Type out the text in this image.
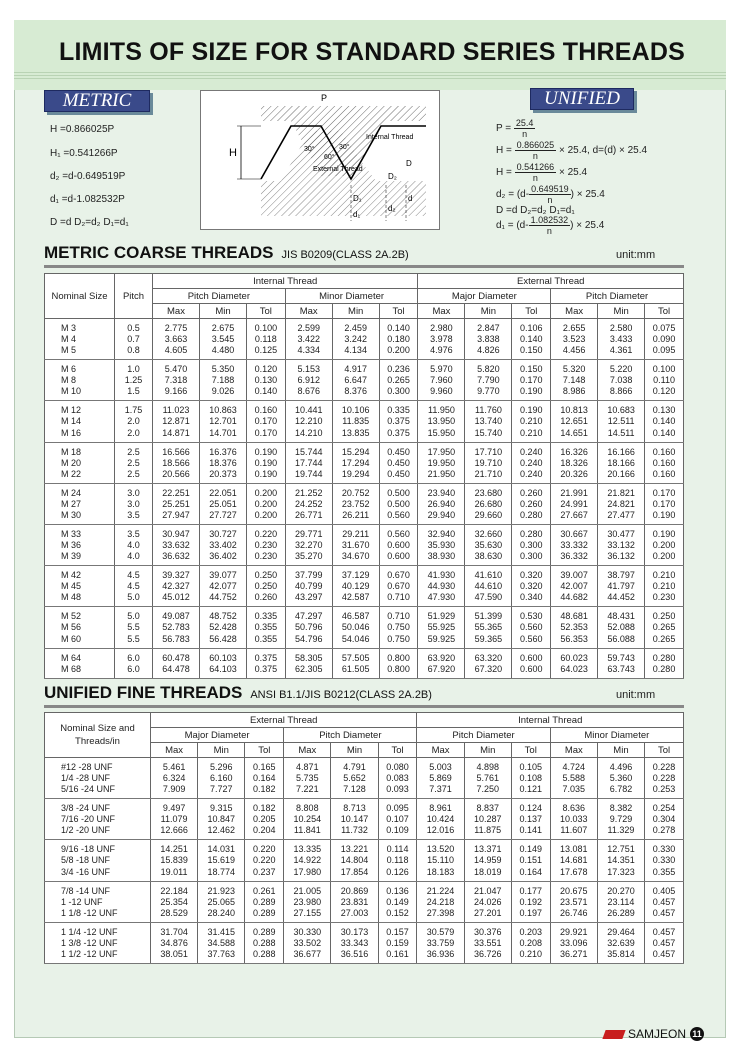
LIMITS OF SIZE FOR STANDARD SERIES THREADS
METRIC	UNIFIED
H =0.866025P
H₁ =0.541266P
d₂ =d-0.649519P
d₁ =d-1.082532P
D =d D₂=d₂ D₁=d₁
$P = \frac{25.4}{n}$
$H = \frac{0.866025}{n} \times 25.4$, d=(d) × 25.4
$H = \frac{0.541266}{n} \times 25.4$
$d_2 = (d- \frac{0.649519}{n}$ ) × 25.4
D =d D₂=d₂ D₁=d₁
$d_1 = (d- \frac{1.082532}{n}$ ) × 25.4
H
P
Internal Thread
External Thread
30°	30°
60°
D
D₂
D₁	d
d₂
d₁
METRIC COARSE THREADS JIS B0209(CLASS 2A.2B)	unit:mm
Nominal Size	Pitch	Internal Thread						External Thread					
		Pitch Diameter			Minor Diameter			Major Diameter			Pitch Diameter		
		Max	Min	Tol	Max	Min	Tol	Max	Min	Tol	Max	Min	Tol
M 3	0.5	2.775	2.675	0.100	2.599	2.459	0.140	2.980	2.847	0.106	2.655	2.580	0.075
M 4	0.7	3.663	3.545	0.118	3.422	3.242	0.180	3.978	3.838	0.140	3.523	3.433	0.090
M 5	0.8	4.605	4.480	0.125	4.334	4.134	0.200	4.976	4.826	0.150	4.456	4.361	0.095
M 6	1.0	5.470	5.350	0.120	5.153	4.917	0.236	5.970	5.820	0.150	5.320	5.220	0.100
M 8	1.25	7.318	7.188	0.130	6.912	6.647	0.265	7.960	7.790	0.170	7.148	7.038	0.110
M 10	1.5	9.166	9.026	0.140	8.676	8.376	0.300	9.960	9.770	0.190	8.986	8.866	0.120
M 12	1.75	11.023	10.863	0.160	10.441	10.106	0.335	11.950	11.760	0.190	10.813	10.683	0.130
M 14	2.0	12.871	12.701	0.170	12.210	11.835	0.375	13.950	13.740	0.210	12.651	12.511	0.140
M 16	2.0	14.871	14.701	0.170	14.210	13.835	0.375	15.950	15.740	0.210	14.651	14.511	0.140
M 18	2.5	16.566	16.376	0.190	15.744	15.294	0.450	17.950	17.710	0.240	16.326	16.166	0.160
M 20	2.5	18.566	18.376	0.190	17.744	17.294	0.450	19.950	19.710	0.240	18.326	18.166	0.160
M 22	2.5	20.566	20.373	0.190	19.744	19.294	0.450	21.950	21.710	0.240	20.326	20.166	0.160
M 24	3.0	22.251	22.051	0.200	21.252	20.752	0.500	23.940	23.680	0.260	21.991	21.821	0.170
M 27	3.0	25.251	25.051	0.200	24.252	23.752	0.500	26.940	26.680	0.260	24.991	24.821	0.170
M 30	3.5	27.947	27.727	0.200	26.771	26.211	0.560	29.940	29.660	0.280	27.667	27.477	0.190
M 33	3.5	30.947	30.727	0.220	29.771	29.211	0.560	32.940	32.660	0.280	30.667	30.477	0.190
M 36	4.0	33.632	33.402	0.230	32.270	31.670	0.600	35.930	35.630	0.300	33.332	33.132	0.200
M 39	4.0	36.632	36.402	0.230	35.270	34.670	0.600	38.930	38.630	0.300	36.332	36.132	0.200
M 42	4.5	39.327	39.077	0.250	37.799	37.129	0.670	41.930	41.610	0.320	39.007	38.797	0.210
M 45	4.5	42.327	42.077	0.250	40.799	40.129	0.670	44.930	44.610	0.320	42.007	41.797	0.210
M 48	5.0	45.012	44.752	0.260	43.297	42.587	0.710	47.930	47.590	0.340	44.682	44.452	0.230
M 52	5.0	49.087	48.752	0.335	47.297	46.587	0.710	51.929	51.399	0.530	48.681	48.431	0.250
M 56	5.5	52.783	52.428	0.355	50.796	50.046	0.750	55.925	55.365	0.560	52.353	52.088	0.265
M 60	5.5	56.783	56.428	0.355	54.796	54.046	0.750	59.925	59.365	0.560	56.353	56.088	0.265
M 64	6.0	60.478	60.103	0.375	58.305	57.505	0.800	63.920	63.320	0.600	60.023	59.743	0.280
M 68	6.0	64.478	64.103	0.375	62.305	61.505	0.800	67.920	67.320	0.600	64.023	63.743	0.280
UNIFIED FINE THREADS ANSI B1.1/JIS B0212(CLASS 2A.2B)	unit:mm
Nominal Size and Threads/in	External Thread						Internal Thread					
	Major Diameter			Pitch Diameter			Pitch Diameter			Minor Diameter		
	Max	Min	Tol	Max	Min	Tol	Max	Min	Tol	Max	Min	Tol
#12 -28 UNF	5.461	5.296	0.165	4.871	4.791	0.080	5.003	4.898	0.105	4.724	4.496	0.228
1/4 -28 UNF	6.324	6.160	0.164	5.735	5.652	0.083	5.869	5.761	0.108	5.588	5.360	0.228
5/16 -24 UNF	7.909	7.727	0.182	7.221	7.128	0.093	7.371	7.250	0.121	7.035	6.782	0.253
3/8 -24 UNF	9.497	9.315	0.182	8.808	8.713	0.095	8.961	8.837	0.124	8.636	8.382	0.254
7/16 -20 UNF	11.079	10.847	0.205	10.254	10.147	0.107	10.424	10.287	0.137	10.033	9.729	0.304
1/2 -20 UNF	12.666	12.462	0.204	11.841	11.732	0.109	12.016	11.875	0.141	11.607	11.329	0.278
9/16 -18 UNF	14.251	14.031	0.220	13.335	13.221	0.114	13.520	13.371	0.149	13.081	12.751	0.330
5/8 -18 UNF	15.839	15.619	0.220	14.922	14.804	0.118	15.110	14.959	0.151	14.681	14.351	0.330
3/4 -16 UNF	19.011	18.774	0.237	17.980	17.854	0.126	18.183	18.019	0.164	17.678	17.323	0.355
7/8 -14 UNF	22.184	21.923	0.261	21.005	20.869	0.136	21.224	21.047	0.177	20.675	20.270	0.405
1 -12 UNF	25.354	25.065	0.289	23.980	23.831	0.149	24.218	24.026	0.192	23.571	23.114	0.457
1 1/8 -12 UNF	28.529	28.240	0.289	27.155	27.003	0.152	27.398	27.201	0.197	26.746	26.289	0.457
1 1/4 -12 UNF	31.704	31.415	0.289	30.330	30.173	0.157	30.579	30.376	0.203	29.921	29.464	0.457
1 3/8 -12 UNF	34.876	34.588	0.288	33.502	33.343	0.159	33.759	33.551	0.208	33.096	32.639	0.457
1 1/2 -12 UNF	38.051	37.763	0.288	36.677	36.516	0.161	36.936	36.726	0.210	36.271	35.814	0.457
SAMJEON 11
